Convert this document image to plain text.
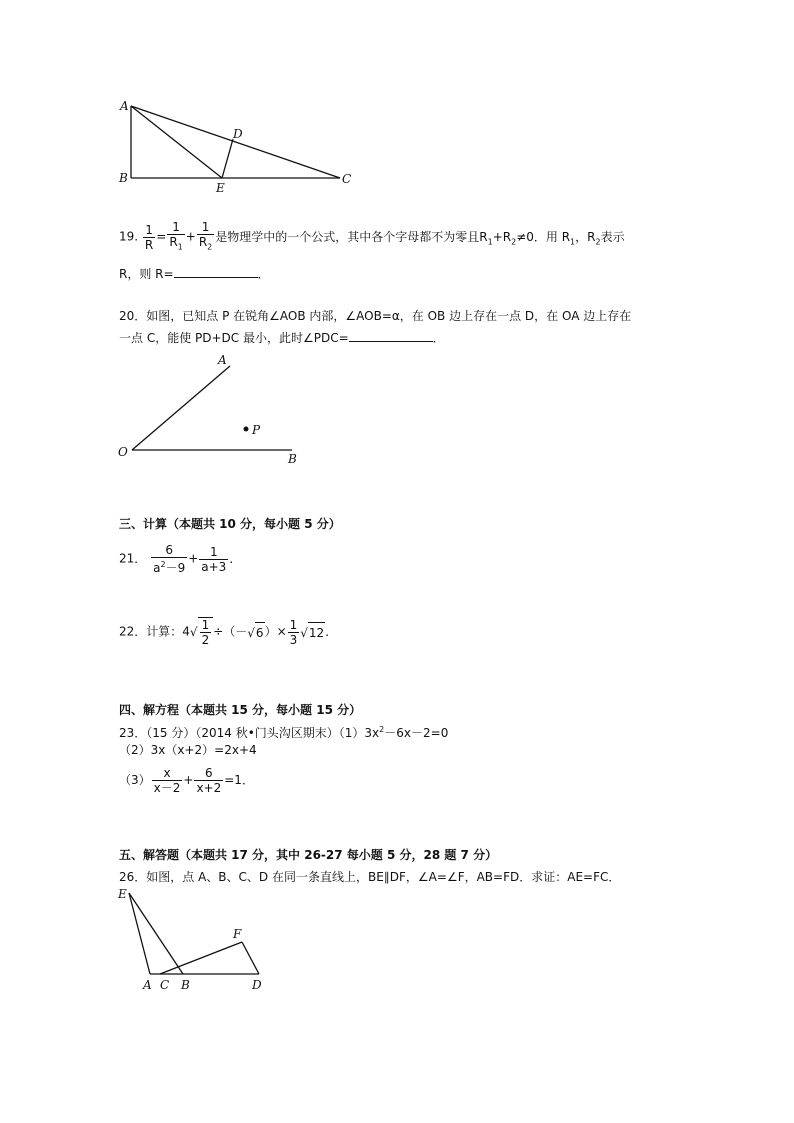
A
B	C
D
E
19. $\frac{1}{R} = \frac{1}{R_1} + \frac{1}{R_2}$ 是物理学中的一个公式，其中各个字母都不为零且$R_1+R_2\ne 0$．用 $R_1$，$R_2$表示
R，则 R=	．
20．如图，已知点 P 在锐角∠AOB 内部，∠AOB=α，在 OB 边上存在一点 D，在 OA 边上存在
一点 C，能使 PD+DC 最小，此时∠PDC=	．
A
O	B
P
三、计算（本题共 10 分，每小题 5 分）
21． $\frac{6}{a^2-9} + \frac{1}{a+3}$ ．
22．计算：$4√ \frac{1}{2} \div(-√6)\times \frac{1}{3} √12$．
四、解方程（本题共 15 分，每小题 15 分）
23．（15 分）（2014 秋•门头沟区期末）$(1)3x^2-6x-2=0$
（2）3x（x+2）=2x+4
$(3) \frac{x}{x-2} + \frac{6}{x+2} =1$．
五、解答题（本题共 17 分，其中 26-27 每小题 5 分，28 题 7 分）
26．如图，点 A、B、C、D 在同一条直线上，BE∥DF，∠A=∠F，AB=FD．求证：AE=FC．
E
F
A C B	D
